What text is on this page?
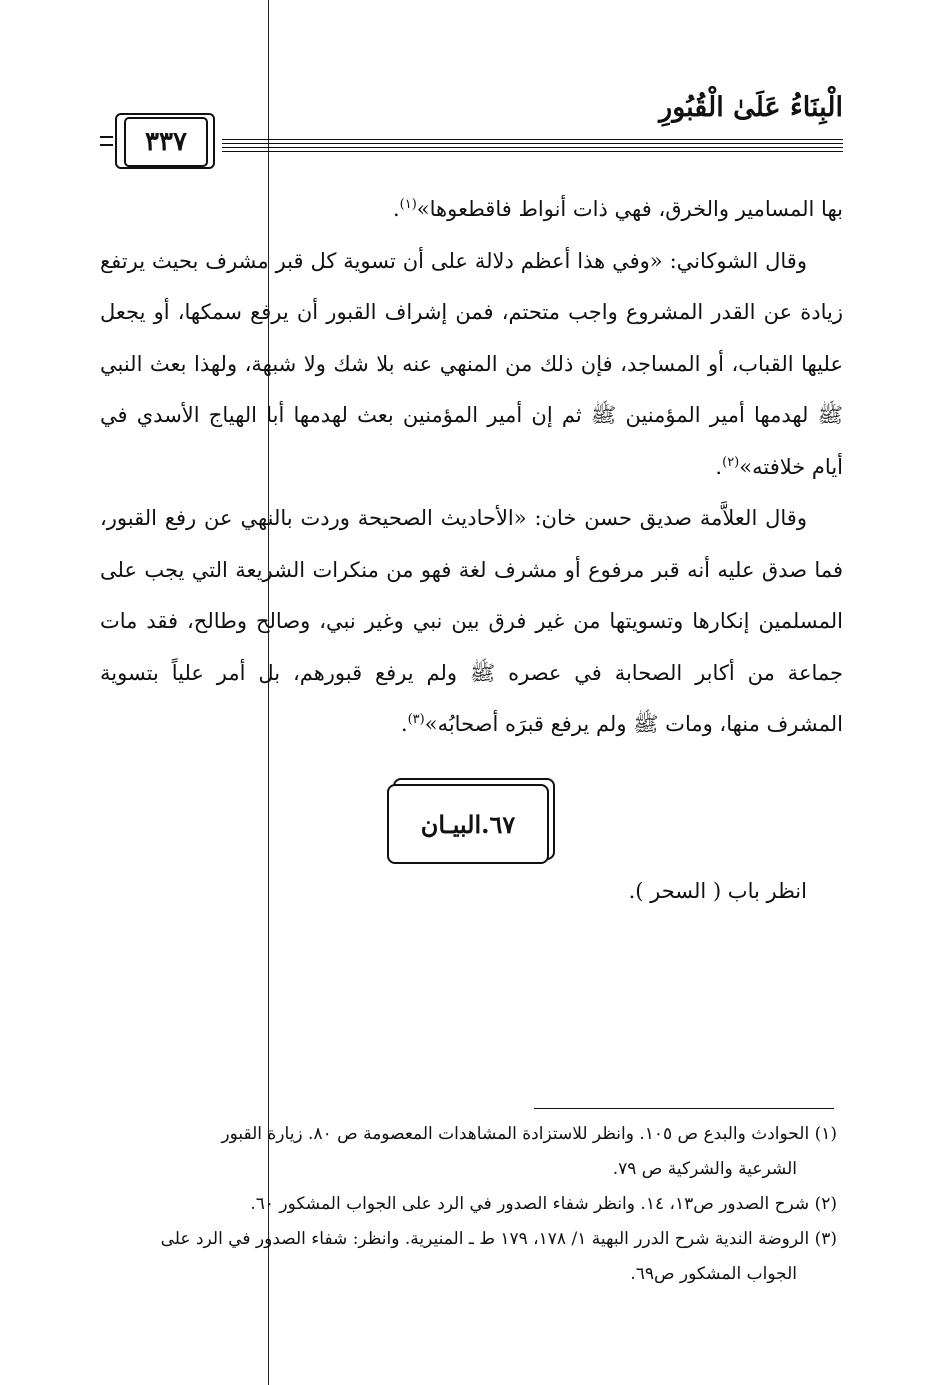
الْبِنَاءُ عَلَىٰ الْقُبُورِ
٣٣٧

بها المسامير والخرق، فهي ذات أنواط فاقطعوها»$^{(١)}$.

وقال الشوكاني: «وفي هذا أعظم دلالة على أن تسوية كل قبر مشرف بحيث يرتفع زيادة عن القدر المشروع واجب متحتم، فمن إشراف القبور أن يرفع سمكها، أو يجعل عليها القباب، أو المساجد، فإن ذلك من المنهي عنه بلا شك ولا شبهة، ولهذا بعث النبي ﷺ لهدمها أمير المؤمنين ﷺ ثم إن أمير المؤمنين بعث لهدمها أبا الهياج الأسدي في أيام خلافته»$^{(٢)}$.

وقال العلاَّمة صديق حسن خان: «الأحاديث الصحيحة وردت بالنهي عن رفع القبور، فما صدق عليه أنه قبر مرفوع أو مشرف لغة فهو من منكرات الشريعة التي يجب على المسلمين إنكارها وتسويتها من غير فرق بين نبي وغير نبي، وصالح وطالح، فقد مات جماعة من أكابر الصحابة في عصره ﷺ ولم يرفع قبورهم، بل أمر علياً بتسوية المشرف منها، ومات ﷺ ولم يرفع قبرَه أصحابُه»$^{(٣)}$.

٦٧.البيـان
انظر باب ( السحر ).

(١) الحوادث والبدع ص ١٠٥. وانظر للاستزادة المشاهدات المعصومة ص ٨٠. زيارة القبور

الشرعية والشركية ص ٧٩.

(٢) شرح الصدور ص١٣، ١٤. وانظر شفاء الصدور في الرد على الجواب المشكور ٦٠.

(٣) الروضة الندية شرح الدرر البهية ١/ ١٧٨، ١٧٩ ط ـ المنيرية. وانظر: شفاء الصدور في الرد على

الجواب المشكور ص٦٩.
